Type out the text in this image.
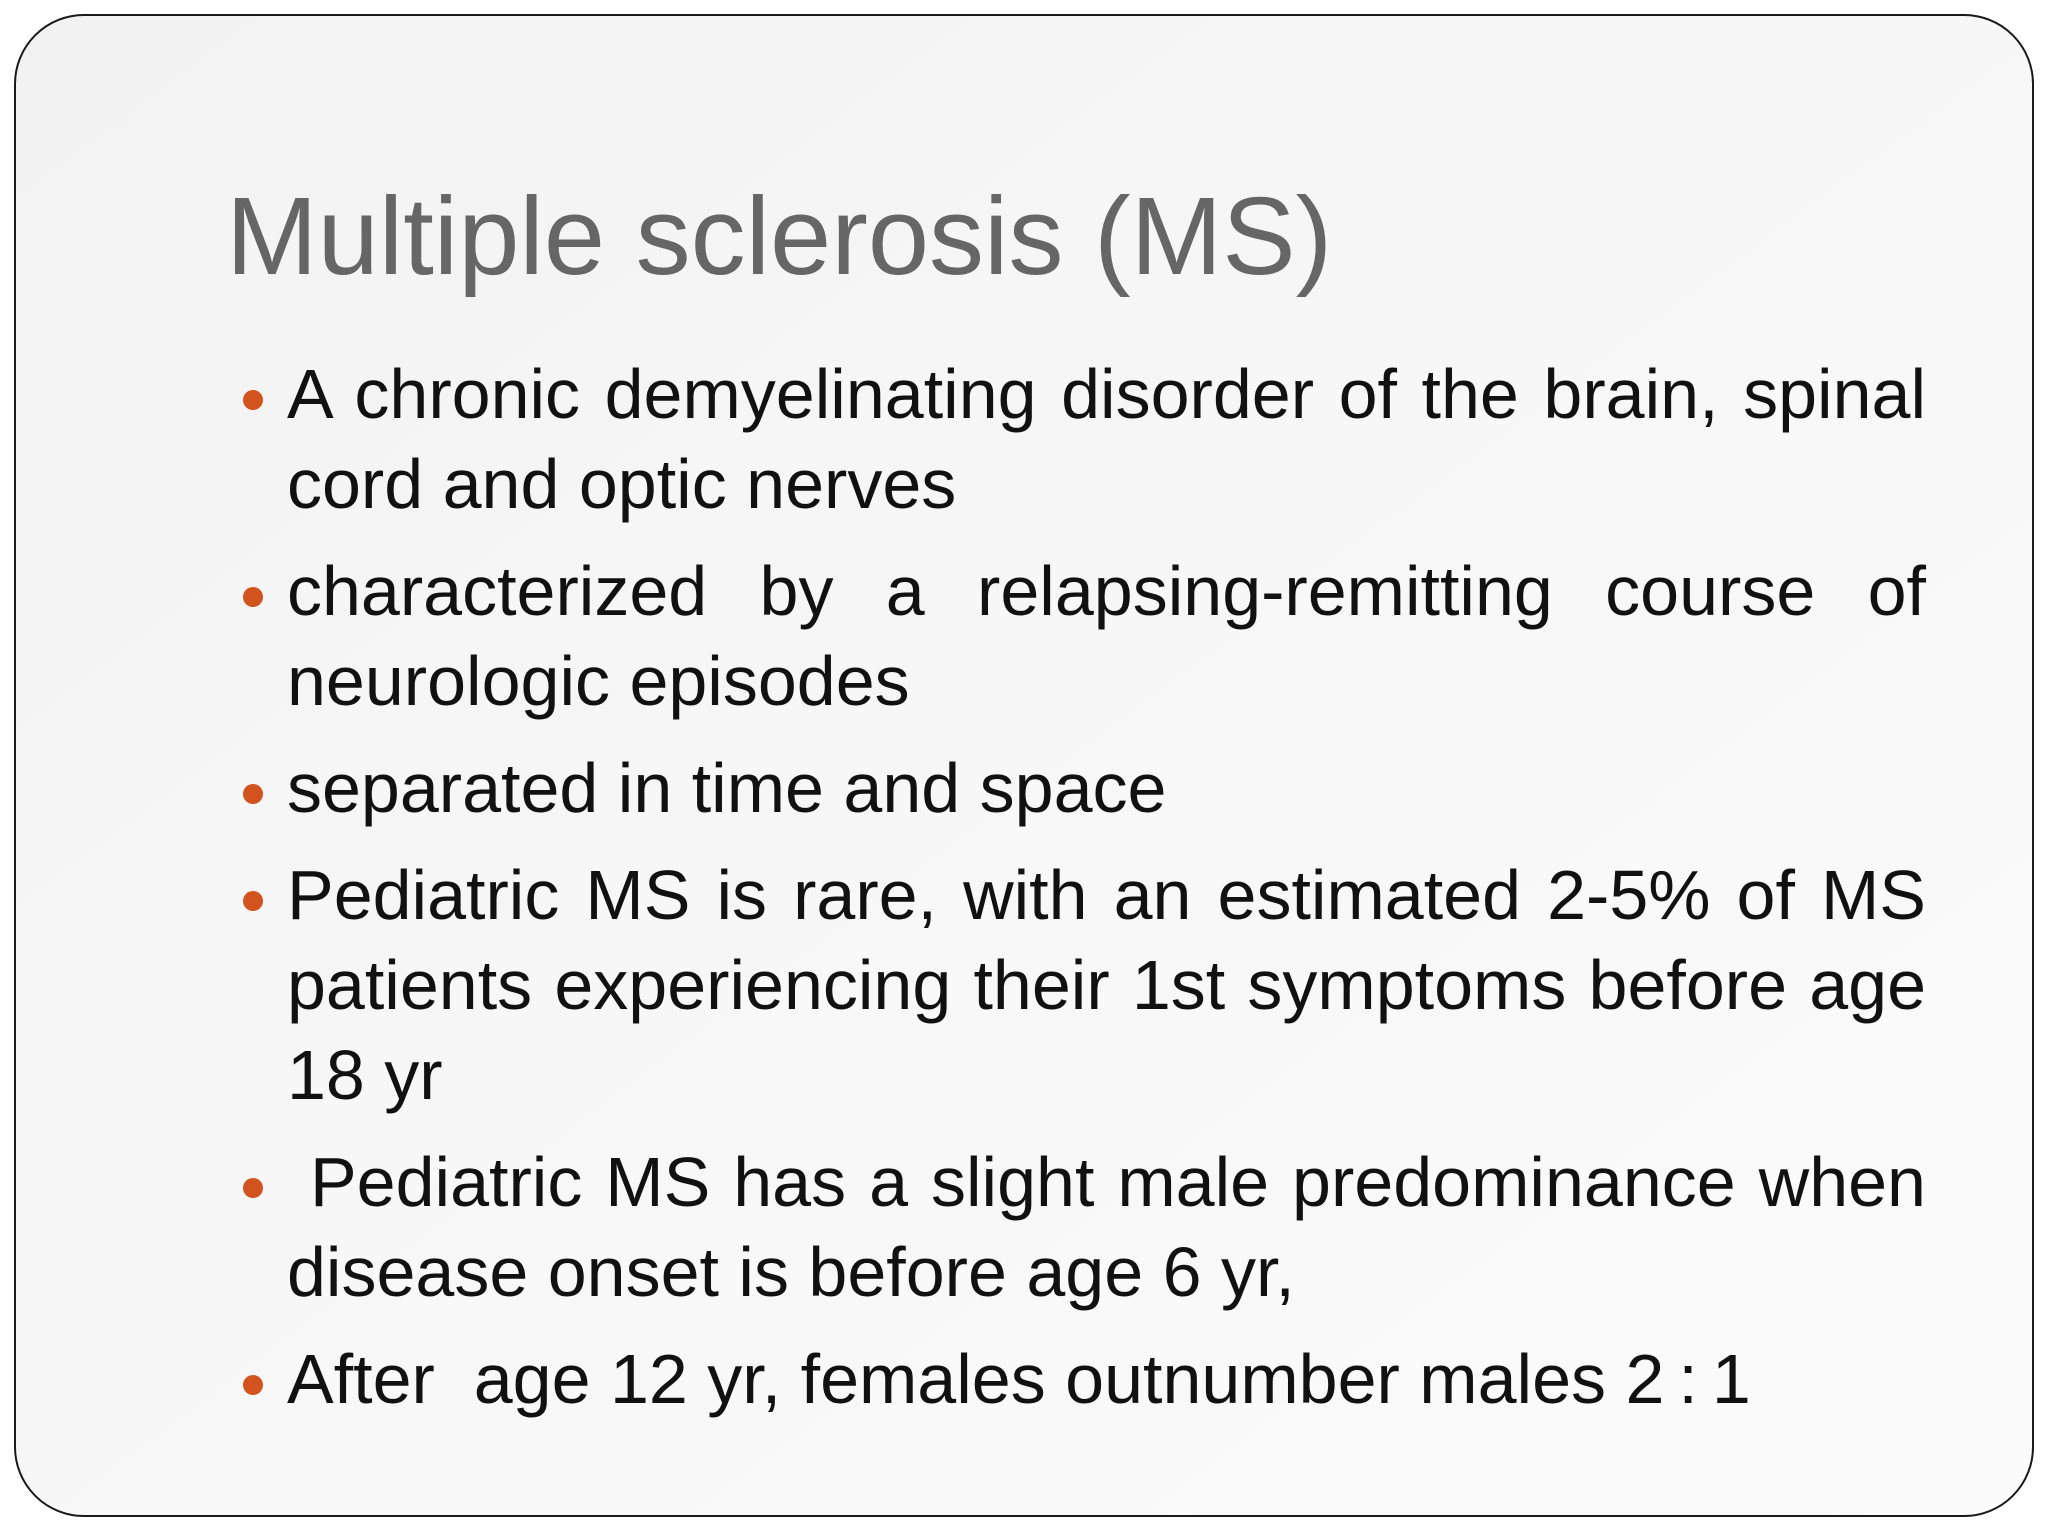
Multiple sclerosis (MS)

A chronic demyelinating disorder of the brain, spinal cord and optic nerves

characterized by a relapsing-remitting course of neurologic episodes

separated in time and space

Pediatric MS is rare, with an estimated 2-5% of MS patients experiencing their 1st symptoms before age 18 yr

Pediatric MS has a slight male predominance when disease onset is before age 6 yr,

After  age 12 yr, females outnumber males 2 : 1
